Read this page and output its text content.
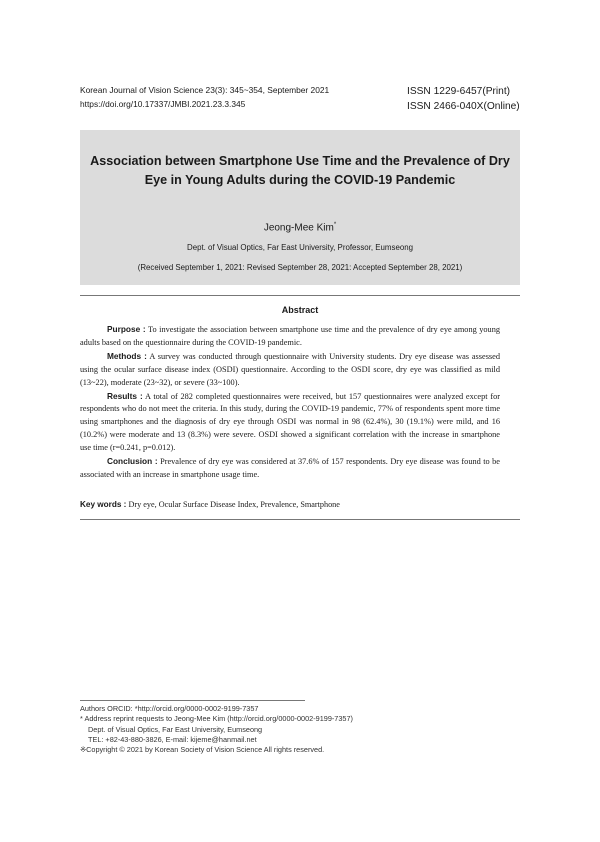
Korean Journal of Vision Science 23(3): 345~354, September 2021
https://doi.org/10.17337/JMBI.2021.23.3.345
ISSN 1229-6457(Print)
ISSN 2466-040X(Online)
Association between Smartphone Use Time and the Prevalence of Dry Eye in Young Adults during the COVID-19 Pandemic
Jeong-Mee Kim*
Dept. of Visual Optics, Far East University, Professor, Eumseong
(Received September 1, 2021: Revised September 28, 2021: Accepted September 28, 2021)
Abstract

Purpose : To investigate the association between smartphone use time and the prevalence of dry eye among young adults based on the questionnaire during the COVID-19 pandemic.

Methods : A survey was conducted through questionnaire with University students. Dry eye disease was assessed using the ocular surface disease index (OSDI) questionnaire. According to the OSDI score, dry eye was classified as mild (13~22), moderate (23~32), or severe (33~100).

Results : A total of 282 completed questionnaires were received, but 157 questionnaires were analyzed except for respondents who do not meet the criteria. In this study, during the COVID-19 pandemic, 77% of respondents spent more time using smartphones and the diagnosis of dry eye through OSDI was normal in 98 (62.4%), 30 (19.1%) were mild, and 16 (10.2%) were moderate and 13 (8.3%) were severe. OSDI showed a significant correlation with the increase in smartphone use time (r=0.241, p=0.012).

Conclusion : Prevalence of dry eye was considered at 37.6% of 157 respondents. Dry eye disease was found to be associated with an increase in smartphone usage time.

Key words : Dry eye, Ocular Surface Disease Index, Prevalence, Smartphone
Authors ORCID: *http://orcid.org/0000-0002-9199-7357
* Address reprint requests to Jeong-Mee Kim (http://orcid.org/0000-0002-9199-7357)
Dept. of Visual Optics, Far East University, Eumseong
TEL: +82-43-880-3826, E-mail: kijeme@hanmail.net
※Copyright © 2021 by Korean Society of Vision Science All rights reserved.
